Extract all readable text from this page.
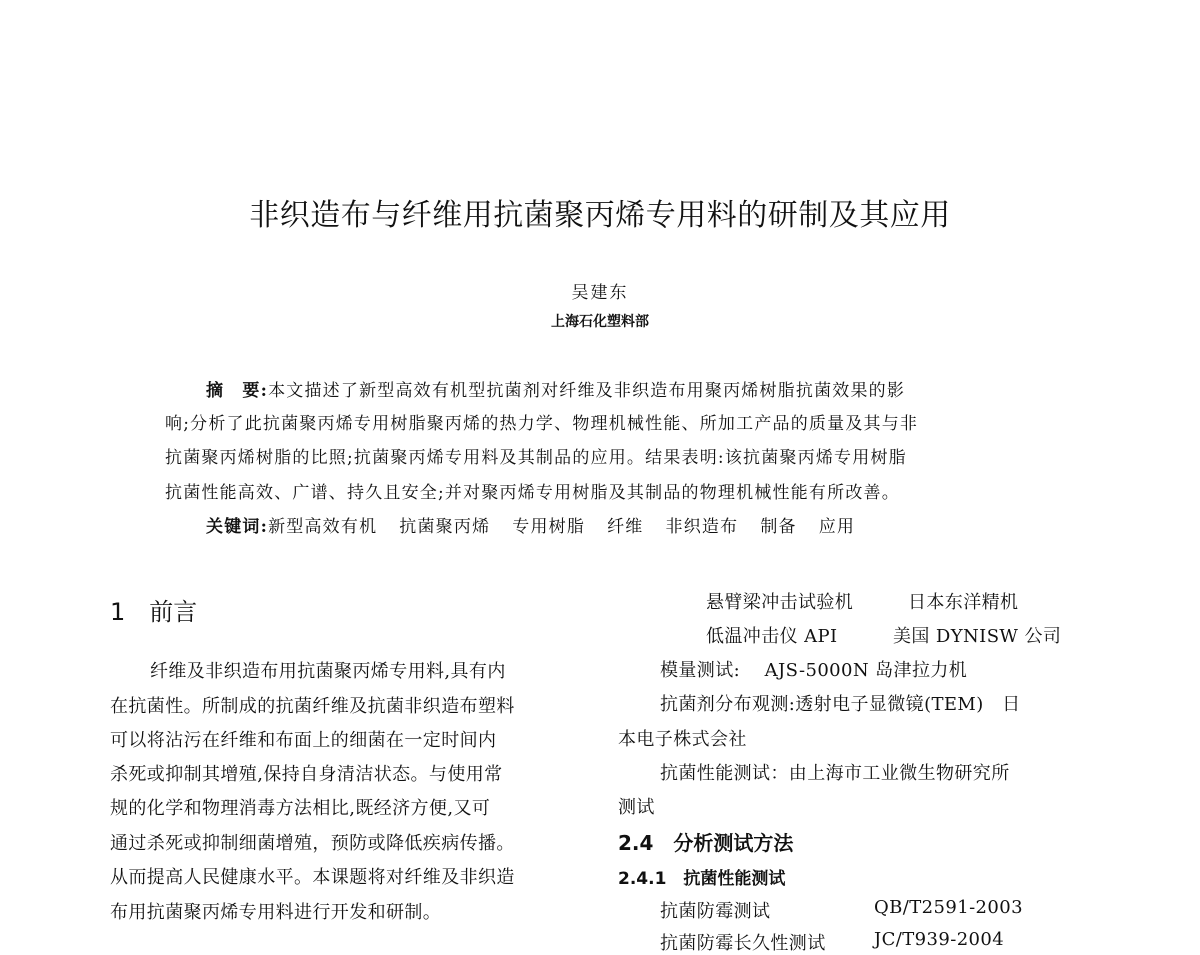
非织造布与纤维用抗菌聚丙烯专用料的研制及其应用
吴建东
上海石化塑料部
摘　要:本文描述了新型高效有机型抗菌剂对纤维及非织造布用聚丙烯树脂抗菌效果的影
响;分析了此抗菌聚丙烯专用树脂聚丙烯的热力学、物理机械性能、所加工产品的质量及其与非
抗菌聚丙烯树脂的比照;抗菌聚丙烯专用料及其制品的应用。结果表明:该抗菌聚丙烯专用树脂
抗菌性能高效、广谱、持久且安全;并对聚丙烯专用树脂及其制品的物理机械性能有所改善。
关键词:新型高效有机 抗菌聚丙烯 专用树脂 纤维 非织造布 制备 应用
1　前言
纤维及非织造布用抗菌聚丙烯专用料,具有内
在抗菌性。所制成的抗菌纤维及抗菌非织造布塑料
可以将沾污在纤维和布面上的细菌在一定时间内
杀死或抑制其增殖,保持自身清洁状态。与使用常
规的化学和物理消毒方法相比,既经济方便,又可
通过杀死或抑制细菌增殖，预防或降低疾病传播。
从而提高人民健康水平。本课题将对纤维及非织造
布用抗菌聚丙烯专用料进行开发和研制。
悬臂梁冲击试验机	日本东洋精机
低温冲击仪 API	美国 DYNISW 公司
模量测试:　 AJS-5000N 岛津拉力机
抗菌剂分布观测:透射电子显微镜(TEM)　日
本电子株式会社
抗菌性能测试：由上海市工业微生物研究所
测试
2.4　分析测试方法
2.4.1　抗菌性能测试
抗菌防霉测试	QB/T2591-2003
抗菌防霉长久性测试	JC/T939-2004
